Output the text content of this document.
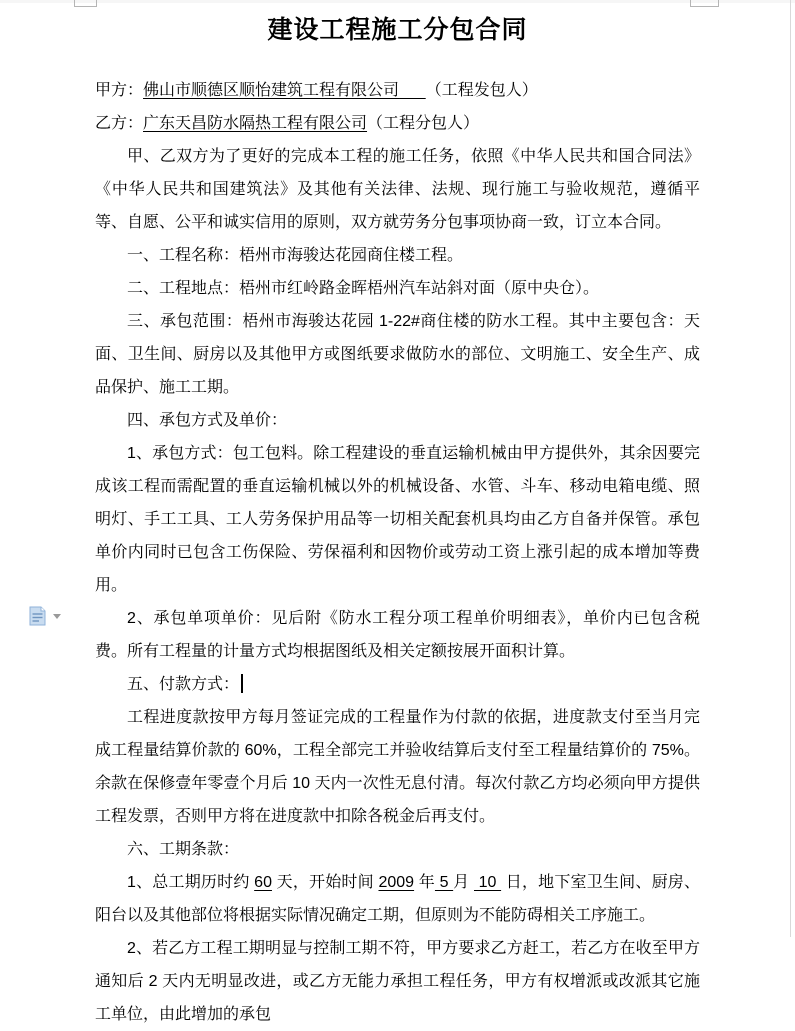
建设工程施工分包合同
甲方：佛山市顺德区顺怡建筑工程有限公司 （工程发包人）
乙方：广东天昌防水隔热工程有限公司（工程分包人）

甲、乙双方为了更好的完成本工程的施工任务，依照《中华人民共和国合同法》《中华人民共和国建筑法》及其他有关法律、法规、现行施工与验收规范，遵循平等、自愿、公平和诚实信用的原则，双方就劳务分包事项协商一致，订立本合同。

一、工程名称：梧州市海骏达花园商住楼工程。

二、工程地点：梧州市红岭路金晖梧州汽车站斜对面（原中央仓）。

三、承包范围：梧州市海骏达花园 1-22#商住楼的防水工程。其中主要包含：天面、卫生间、厨房以及其他甲方或图纸要求做防水的部位、文明施工、安全生产、成品保护、施工工期。

四、承包方式及单价：

1、承包方式：包工包料。除工程建设的垂直运输机械由甲方提供外，其余因要完成该工程而需配置的垂直运输机械以外的机械设备、水管、斗车、移动电箱电缆、照明灯、手工工具、工人劳务保护用品等一切相关配套机具均由乙方自备并保管。承包单价内同时已包含工伤保险、劳保福利和因物价或劳动工资上涨引起的成本增加等费用。

2、承包单项单价：见后附《防水工程分项工程单价明细表》，单价内已包含税费。所有工程量的计量方式均根据图纸及相关定额按展开面积计算。

五、付款方式：

工程进度款按甲方每月签证完成的工程量作为付款的依据，进度款支付至当月完成工程量结算价款的 60%，工程全部完工并验收结算后支付至工程量结算价的 75%。余款在保修壹年零壹个月后 10 天内一次性无息付清。每次付款乙方均必须向甲方提供工程发票，否则甲方将在进度款中扣除各税金后再支付。

六、工期条款：

1、总工期历时约 60 天，开始时间 2009 年 5 月  10  日，地下室卫生间、厨房、阳台以及其他部位将根据实际情况确定工期，但原则为不能防碍相关工序施工。

2、若乙方工程工期明显与控制工期不符，甲方要求乙方赶工，若乙方在收至甲方通知后 2 天内无明显改进，或乙方无能力承担工程任务，甲方有权增派或改派其它施工单位，由此增加的承包
